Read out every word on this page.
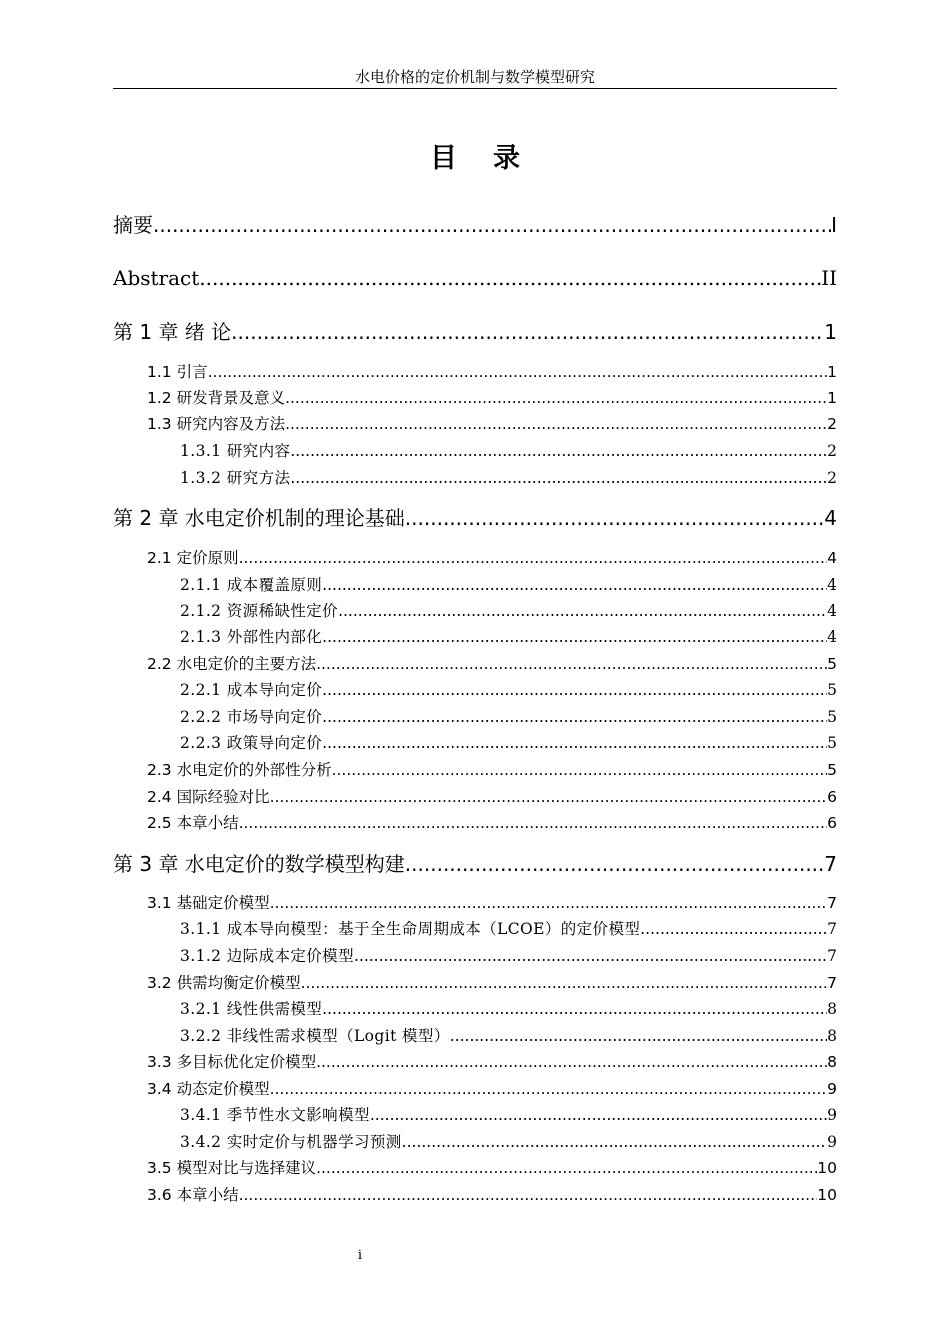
水电价格的定价机制与数学模型研究
目录
摘要 .....	I
Abstract .....	II
第 1 章 绪 论 .....	1
1.1 引言 .....	1
1.2 研发背景及意义 .....	1
1.3 研究内容及方法 .....	2
1.3.1 研究内容 .....	2
1.3.2 研究方法 .....	2
第 2 章 水电定价机制的理论基础 .....	4
2.1 定价原则 .....	4
2.1.1 成本覆盖原则 .....	4
2.1.2 资源稀缺性定价 .....	4
2.1.3 外部性内部化 .....	4
2.2 水电定价的主要方法 .....	5
2.2.1 成本导向定价 .....	5
2.2.2 市场导向定价 .....	5
2.2.3 政策导向定价 .....	5
2.3 水电定价的外部性分析 .....	5
2.4 国际经验对比 .....	6
2.5 本章小结 .....	6
第 3 章 水电定价的数学模型构建 .....	7
3.1 基础定价模型 .....	7
3.1.1 成本导向模型：基于全生命周期成本（LCOE）的定价模型 .....	7
3.1.2 边际成本定价模型 .....	7
3.2 供需均衡定价模型 .....	7
3.2.1 线性供需模型 .....	8
3.2.2 非线性需求模型（Logit 模型） .....	8
3.3 多目标优化定价模型 .....	8
3.4 动态定价模型 .....	9
3.4.1 季节性水文影响模型 .....	9
3.4.2 实时定价与机器学习预测 .....	9
3.5 模型对比与选择建议 .....	10
3.6 本章小结 .....	10
i
